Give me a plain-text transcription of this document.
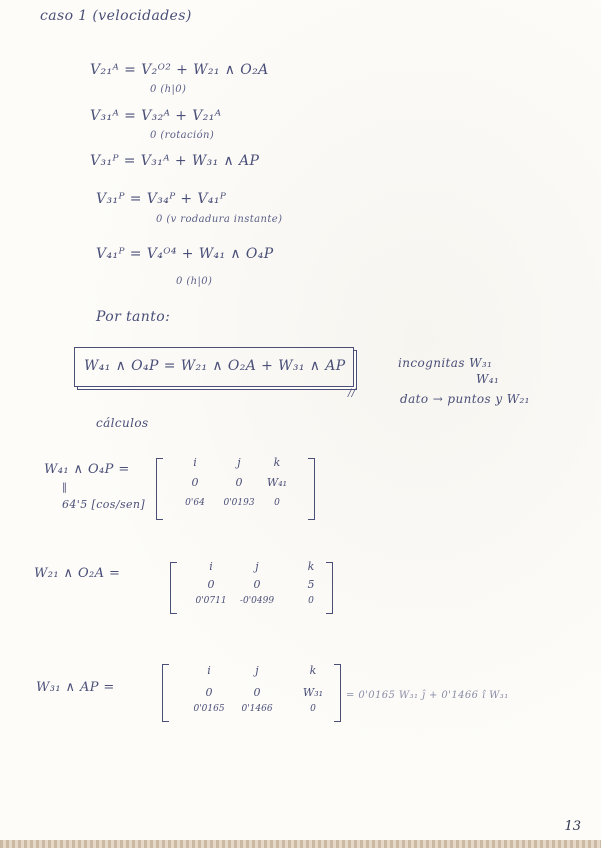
caso 1 (velocidades)
V₂₁ᴬ = V₂ᴼ² + W₂₁ ∧ O₂A
0 (h|0)
V₃₁ᴬ = V₃₂ᴬ + V₂₁ᴬ
0 (rotación)
V₃₁ᴾ = V₃₁ᴬ + W₃₁ ∧ AP
V₃₁ᴾ = V₃₄ᴾ + V₄₁ᴾ
0 (v rodadura instante)
V₄₁ᴾ = V₄ᴼ⁴ + W₄₁ ∧ O₄P
0 (h|0)
Por tanto:
W₄₁ ∧ O₄P = W₂₁ ∧ O₂A + W₃₁ ∧ AP
//
incognitas W₃₁
W₄₁
dato → puntos y W₂₁
cálculos
W₄₁ ∧ O₄P =
‖
64'5 [cos/sen]
i	j	k
0	0	W₄₁
0'64	0'0193	0
W₂₁ ∧ O₂A =	i	j	k
0	0	5
0'0711	-0'0499	0
W₃₁ ∧ AP =
i	j	k
0	0	W₃₁
0'0165	0'1466	0
= 0'0165 W₃₁ ĵ + 0'1466 î W₃₁
13
